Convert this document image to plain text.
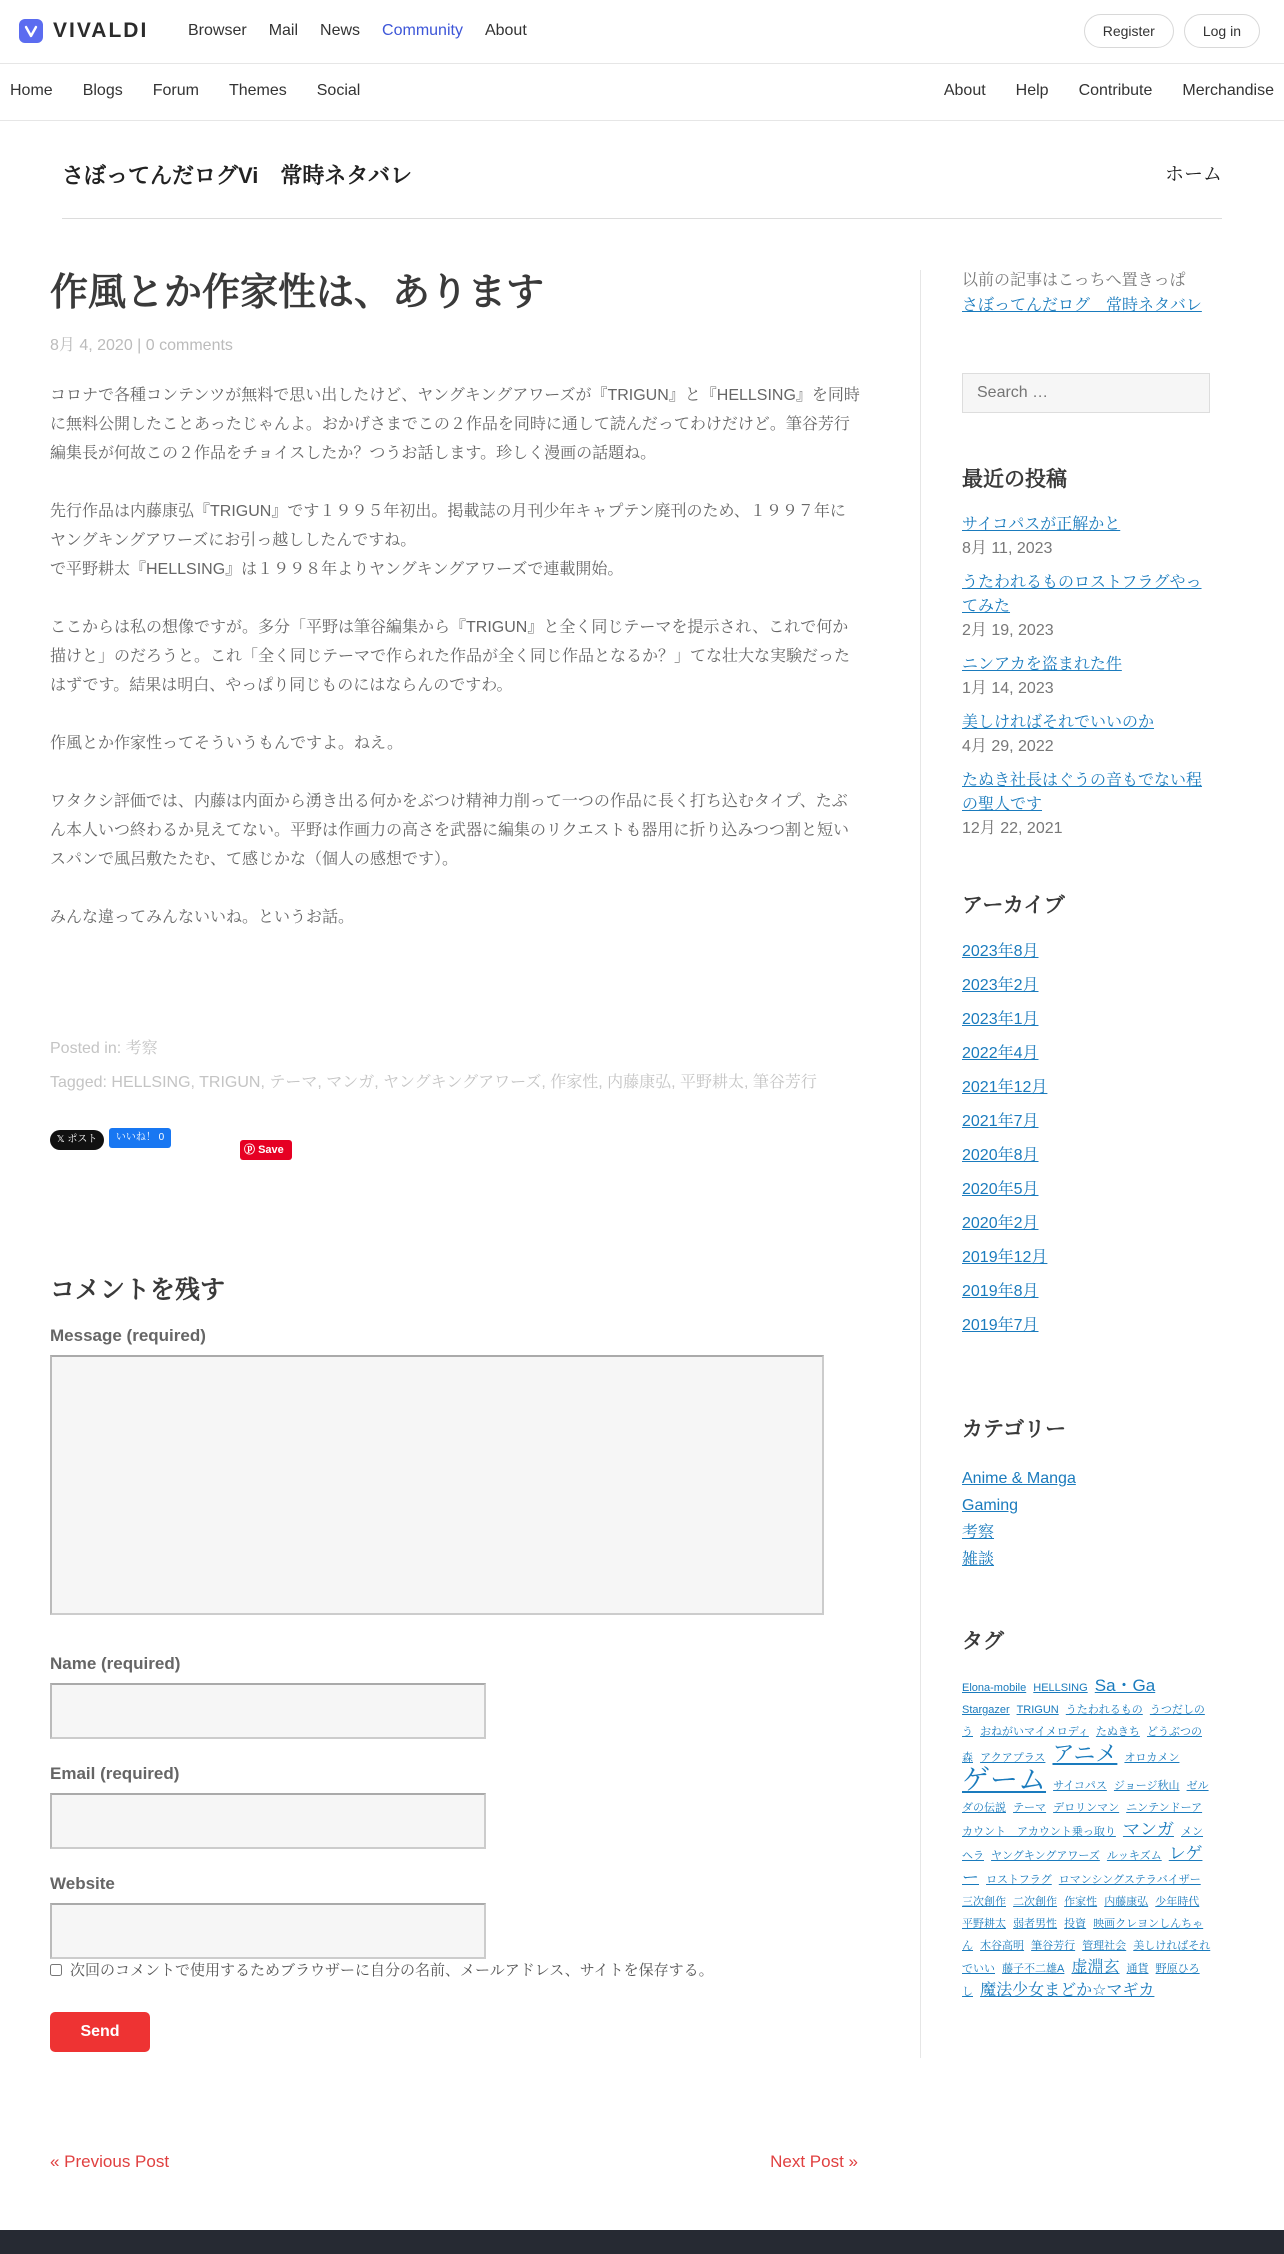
VIVALDI Browser Mail News Community About	Register	Log in
Home Blogs Forum Themes Social	About Help Contribute Merchandise
さぼってんだログVi　常時ネタバレ	ホーム
作風とか作家性は、あります
8月 4, 2020 | 0 comments

コロナで各種コンテンツが無料で思い出したけど、ヤングキングアワーズが『TRIGUN』と『HELLSING』を同時に無料公開したことあったじゃんよ。おかげさまでこの２作品を同時に通して読んだってわけだけど。筆谷芳行編集長が何故この２作品をチョイスしたか？つうお話します。珍しく漫画の話題ね。

先行作品は内藤康弘『TRIGUN』です１９９５年初出。掲載誌の月刊少年キャプテン廃刊のため、１９９７年にヤングキングアワーズにお引っ越ししたんですね。
で平野耕太『HELLSING』は１９９８年よりヤングキングアワーズで連載開始。

ここからは私の想像ですが。多分「平野は筆谷編集から『TRIGUN』と全く同じテーマを提示され、これで何か描けと」のだろうと。これ「全く同じテーマで作られた作品が全く同じ作品となるか？」てな壮大な実験だったはずです。結果は明白、やっぱり同じものにはならんのですわ。

作風とか作家性ってそういうもんですよ。ねえ。

ワタクシ評価では、内藤は内面から湧き出る何かをぶつけ精神力削って一つの作品に長く打ち込むタイプ、たぶん本人いつ終わるか見えてない。平野は作画力の高さを武器に編集のリクエストも器用に折り込みつつ割と短いスパンで風呂敷たたむ、て感じかな（個人の感想です）。

みんな違ってみんないいね。というお話。

Posted in: 考察
Tagged: HELLSING, TRIGUN, テーマ, マンガ, ヤングキングアワーズ, 作家性, 内藤康弘, 平野耕太, 筆谷芳行
𝕏 ポスト	いいね！ 0
ⓟ Save
コメントを残す
Message (required)
Name (required)
Email (required)
Website
次回のコメントで使用するためブラウザーに自分の名前、メールアドレス、サイトを保存する。
Send
« Previous Post	Next Post »
以前の記事はこっちへ置きっぱ
さぼってんだログ　常時ネタバレ
Search …
最近の投稿
サイコパスが正解かと
8月 11, 2023
うたわれるものロストフラグやってみた
2月 19, 2023
ニンアカを盗まれた件
1月 14, 2023
美しければそれでいいのか
4月 29, 2022
たぬき社長はぐうの音もでない程の聖人です
12月 22, 2021
アーカイブ
2023年8月
2023年2月
2023年1月
2022年4月
2021年12月
2021年7月
2020年8月
2020年5月
2020年2月
2019年12月
2019年8月
2019年7月
カテゴリー
Anime & Manga
Gaming
考察
雑談
タグ
Elona-mobile HELLSING Sa・Ga Stargazer TRIGUN うたわれるもの うつだしのう おねがいマイメロディ たぬきち どうぶつの森 アクアプラス アニメ オロカメン ゲーム サイコパス ジョージ秋山 ゼルダの伝説 テーマ デロリンマン ニンテンドーアカウント　アカウント乗っ取り マンガ メンヘラ ヤングキングアワーズ ルッキズム レゲー ロストフラグ ロマンシングステラバイザー 三次創作 二次創作 作家性 内藤康弘 少年時代 平野耕太 弱者男性 投資 映画クレヨンしんちゃん 木谷高明 筆谷芳行 管理社会 美しければそれでいい 藤子不二雄A 虚淵玄 通貨 野原ひろし 魔法少女まどか☆マギカ
